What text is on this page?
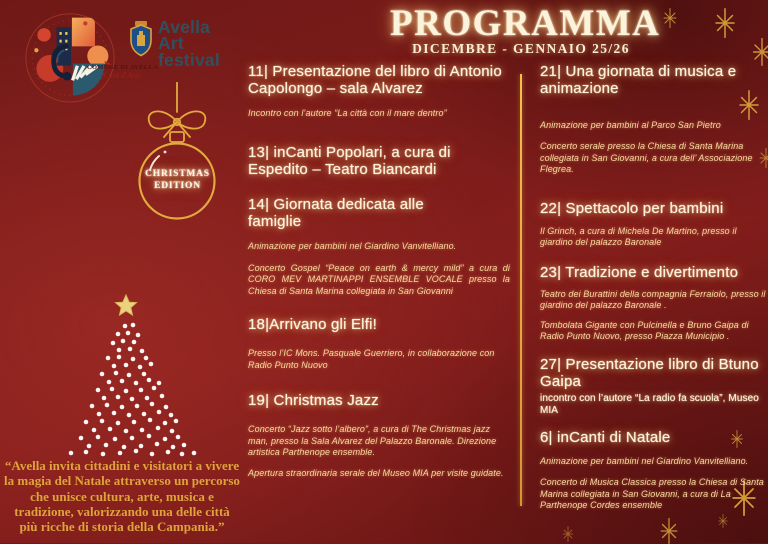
PROGRAMMA
DICEMBRE - GENNAIO 25/26
COMUNE DI AVELLA
Città d'Arte
Avella
Art
festival
CHRISTMAS
EDITION
“Avella invita cittadini e visitatori a vivere la magia del Natale attraverso un percorso che unisce cultura, arte, musica e tradizione, valorizzando una delle città più ricche di storia della Campania.”
11| Presentazione del libro di Antonio Capolongo – sala Alvarez

Incontro con l’autore “La città con il mare dentro”

13| inCanti Popolari, a cura di Espedito – Teatro Biancardi
14| Giornata dedicata alle famiglie

Animazione per bambini nel Giardino Vanvitelliano.

Concerto Gospel “Peace on earth & mercy mild” a cura di CORO MEV MARTINAPPI ENSEMBLE VOCALE presso la Chiesa di Santa Marina collegiata in San Giovanni

18|Arrivano gli Elfi!

Presso l’IC Mons. Pasquale Guerriero, in collaborazione con Radio Punto Nuovo

19| Christmas Jazz

Concerto “Jazz sotto l’albero”, a cura di The Christmas jazz man, presso la Sala Alvarez del Palazzo Baronale. Direzione artistica Parthenope ensemble.

Apertura straordinaria serale del Museo MIA per visite guidate.

21| Una giornata di musica e animazione

Animazione per bambini al Parco San Pietro

Concerto serale presso la Chiesa di Santa Marina collegiata in San Giovanni, a cura dell’ Associazione Flegrea.

22| Spettacolo per bambini

Il Grinch, a cura di Michela De Martino, presso il giardino del palazzo Baronale

23| Tradizione e divertimento

Teatro dei Burattini della compagnia Ferraiolo, presso il giardino del palazzo Baronale .

Tombolata Gigante con Pulcinella e Bruno Gaipa di Radio Punto Nuovo, presso Piazza Municipio .

27| Presentazione libro di Btuno Gaipa

incontro con l’autore “La radio fa scuola”, Museo MIA

6| inCanti di Natale

Animazione per bambini nel Giardino Vanvitelliano.

Concerto di Musica Classica presso la Chiesa di Santa Marina collegiata in San Giovanni, a cura di La Parthenope Cordes ensemble
